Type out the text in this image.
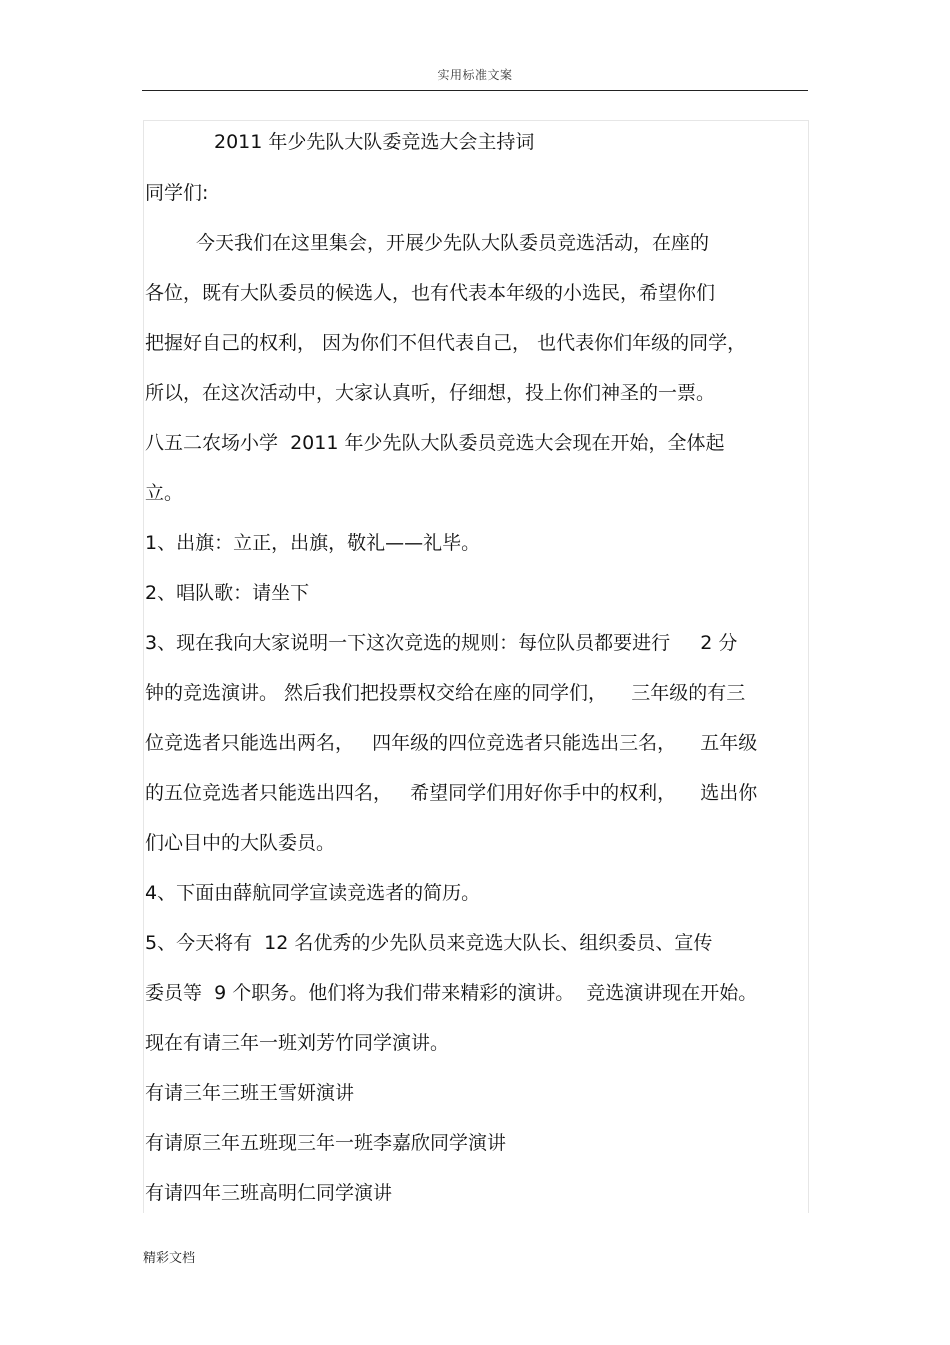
实用标准文案
2011 年少先队大队委竞选大会主持词
同学们:
今天我们在这里集会，开展少先队大队委员竞选活动，在座的
各位，既有大队委员的候选人，也有代表本年级的小选民，希望你们
把握好自己的权利， 因为你们不但代表自己， 也代表你们年级的同学，
所以，在这次活动中，大家认真听，仔细想，投上你们神圣的一票。
八五二农场小学  2011 年少先队大队委员竞选大会现在开始，全体起
立。
1、出旗：立正，出旗，敬礼——礼毕。
2、唱队歌：请坐下
3、现在我向大家说明一下这次竞选的规则：每位队员都要进行     2 分
钟的竞选演讲。 然后我们把投票权交给在座的同学们，    三年级的有三
位竞选者只能选出两名，   四年级的四位竞选者只能选出三名，    五年级
的五位竞选者只能选出四名，   希望同学们用好你手中的权利，    选出你
们心目中的大队委员。
4、下面由薛航同学宣读竞选者的简历。
5、今天将有  12 名优秀的少先队员来竞选大队长、组织委员、宣传
委员等  9 个职务。他们将为我们带来精彩的演讲。  竞选演讲现在开始。
现在有请三年一班刘芳竹同学演讲。
有请三年三班王雪妍演讲
有请原三年五班现三年一班李嘉欣同学演讲
有请四年三班高明仁同学演讲
精彩文档
